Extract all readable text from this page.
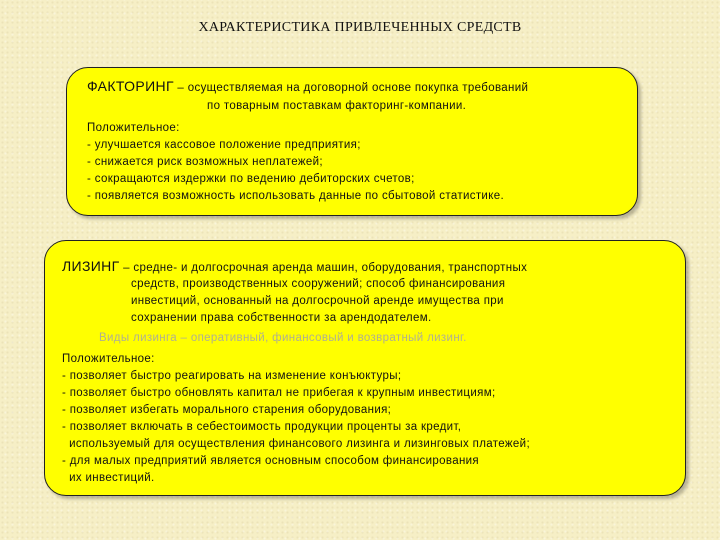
ХАРАКТЕРИСТИКА ПРИВЛЕЧЕННЫХ СРЕДСТВ
ФАКТОРИНГ – осуществляемая на договорной основе покупка требований
по товарным поставкам факторинг-компании.
Положительное:
- улучшается кассовое положение предприятия;
- снижается риск возможных неплатежей;
- сокращаются издержки по ведению дебиторских счетов;
- появляется возможность использовать данные по сбытовой статистике.
ЛИЗИНГ – средне- и долгосрочная аренда машин, оборудования, транспортных
средств, производственных сооружений; способ финансирования
инвестиций, основанный на долгосрочной аренде имущества при
сохранении права собственности за арендодателем.
Виды лизинга – оперативный, финансовый и возвратный лизинг.
Положительное:
- позволяет быстро реагировать на изменение конъюктуры;
- позволяет быстро обновлять капитал не прибегая к крупным инвестициям;
- позволяет избегать морального старения оборудования;
- позволяет включать в себестоимость продукции проценты за кредит,
используемый для осуществления финансового лизинга и лизинговых платежей;
- для малых предприятий является основным способом финансирования
их инвестиций.
